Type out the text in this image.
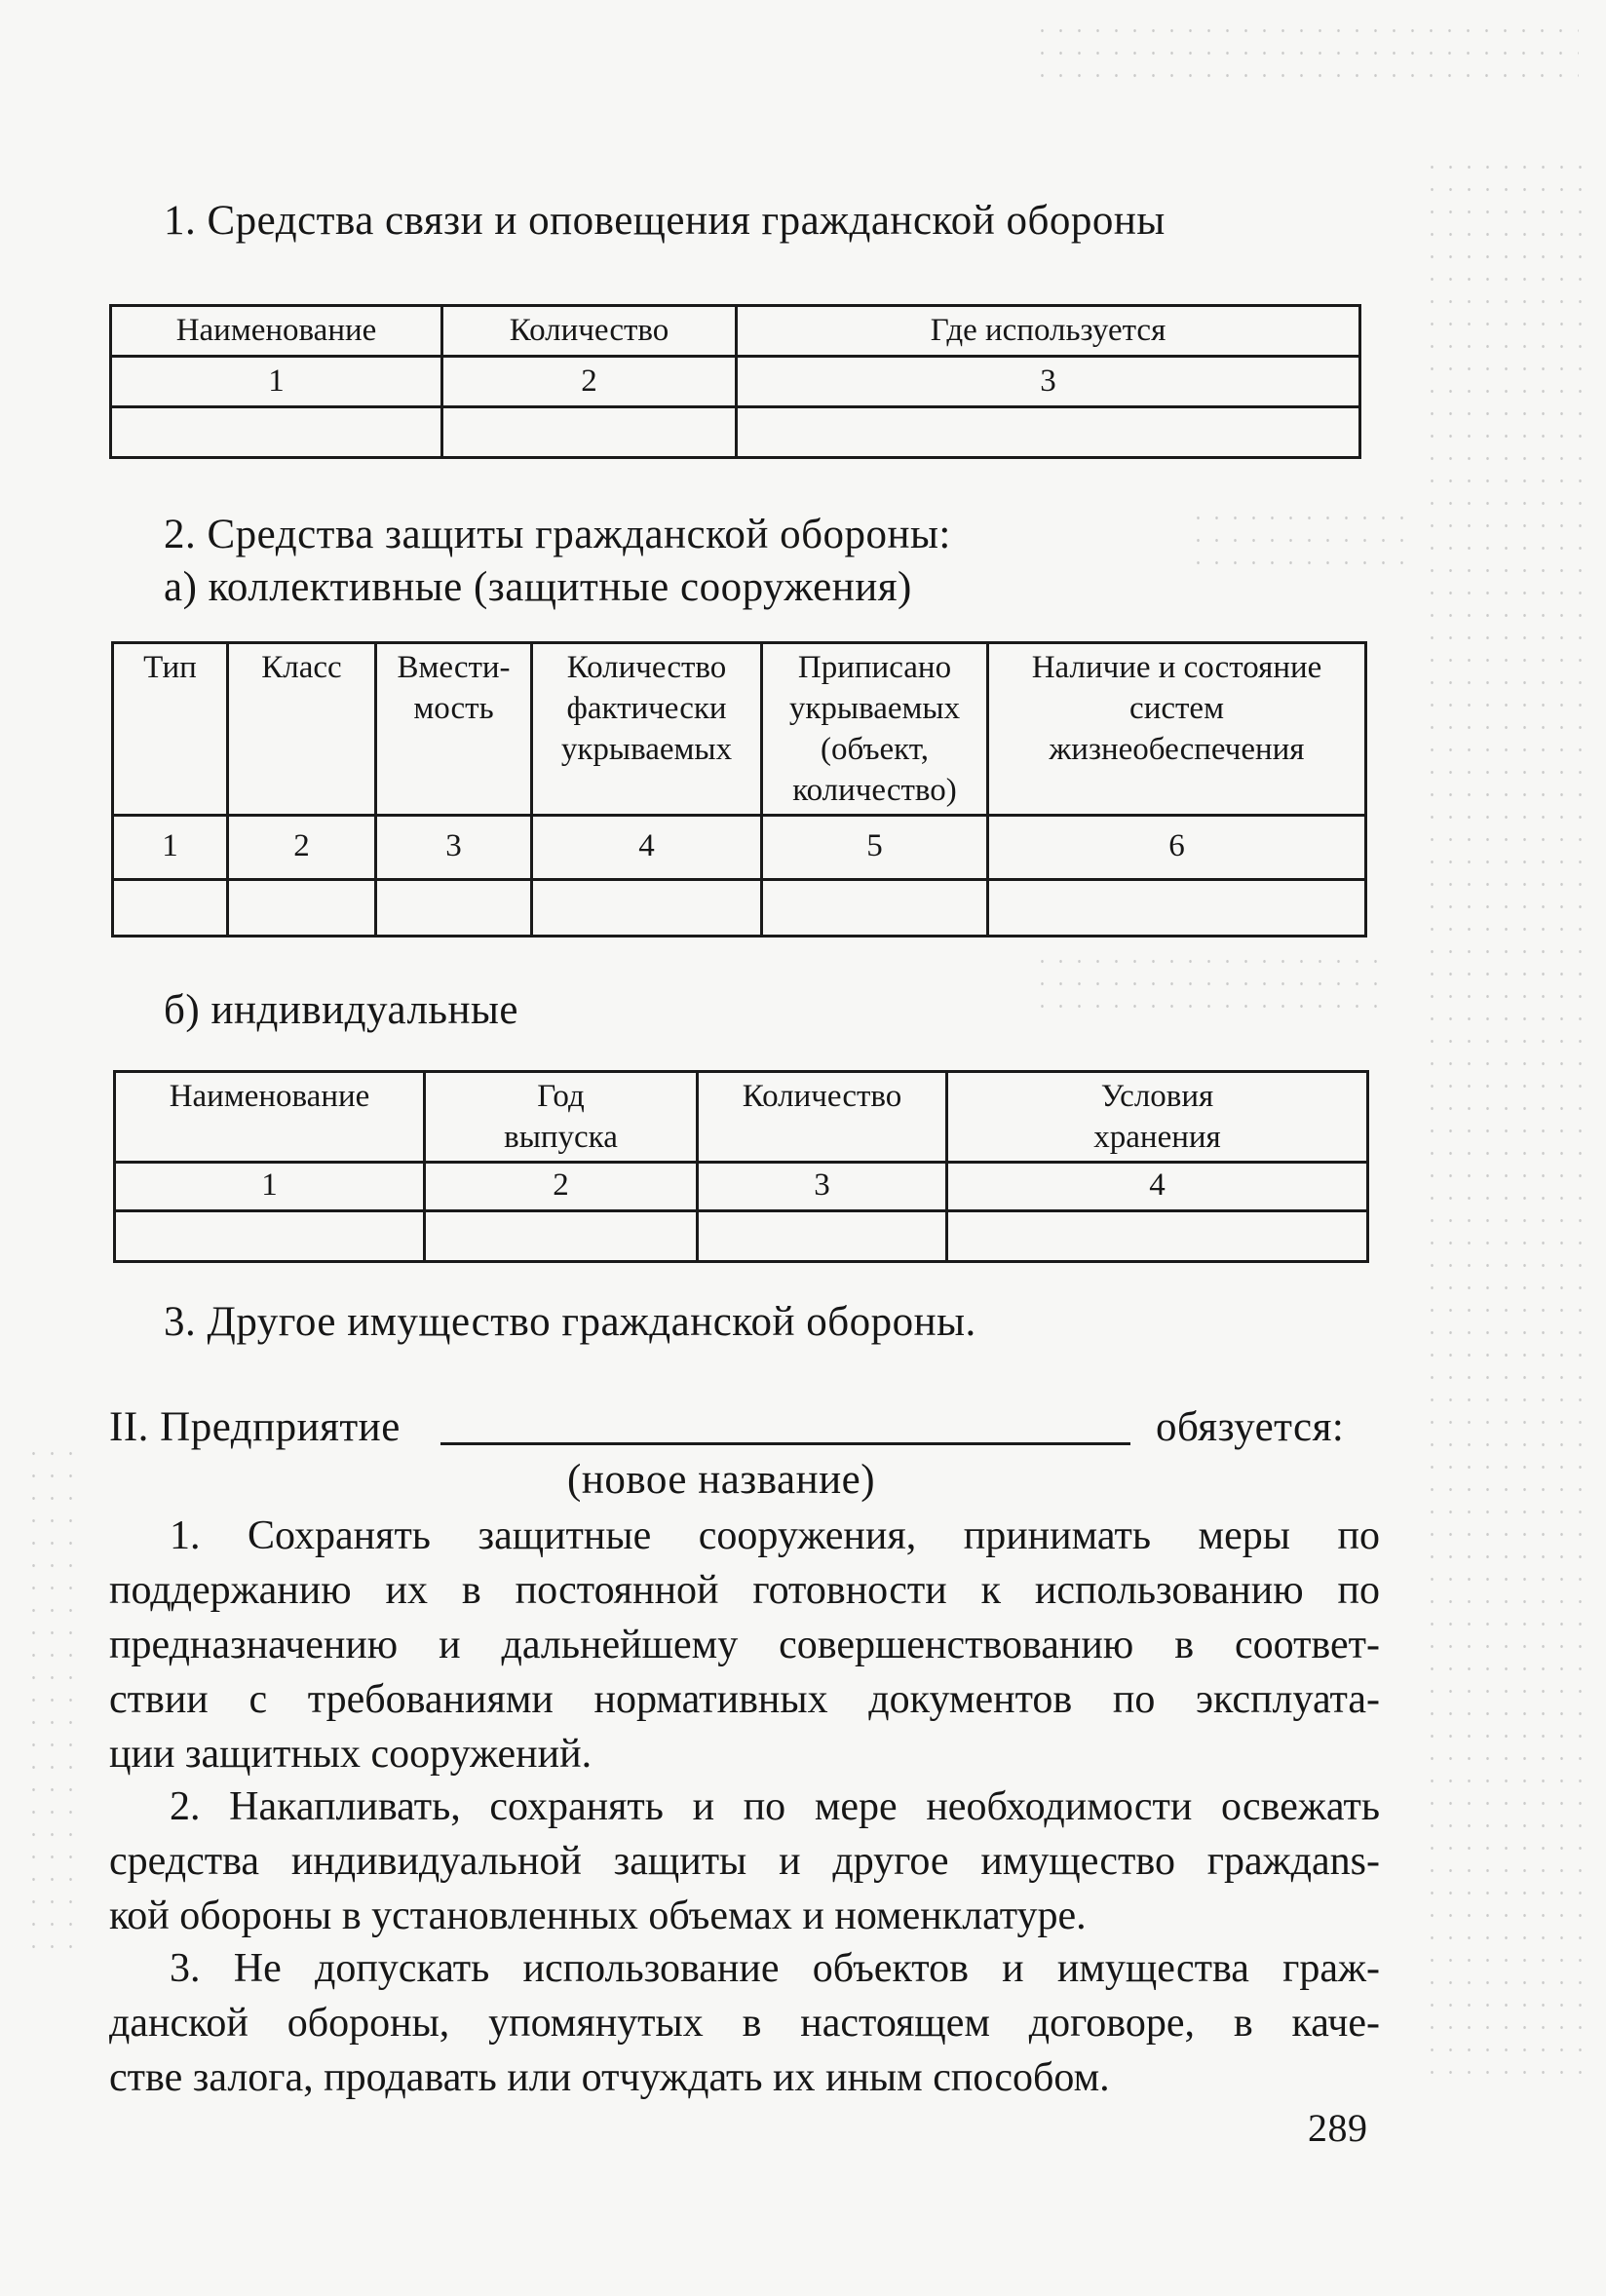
1. Средства связи и оповещения гражданской обороны
Наименование	Количество	Где используется
1	2	3

2. Средства защиты гражданской обороны:
а) коллективные (защитные сооружения)
Тип	Класс	Вмести-мость	Количество фактически укрываемых	Приписано укрываемых (объект, количество)	Наличие и состояние систем жизнеобеспечения
1	2	3	4	5	6

б) индивидуальные
Наименование	Год выпуска	Количество	Условия хранения
1	2	3	4

3. Другое имущество гражданской обороны.
II. Предприятие	обязуется:
(новое название)
1. Сохранять защитные сооружения, принимать меры по
поддержанию их в постоянной готовности к использованию по
предназначению и дальнейшему совершенствованию в соответ-
ствии с требованиями нормативных документов по эксплуата-
ции защитных сооружений.
2. Накапливать, сохранять и по мере необходимости освежать
средства индивидуальной защиты и другое имущество граждans-
кой обороны в установленных объемах и номенклатуре.
3. Не допускать использование объектов и имущества граж-
данской обороны, упомянутых в настоящем договоре, в каче-
стве залога, продавать или отчуждать их иным способом.
289
